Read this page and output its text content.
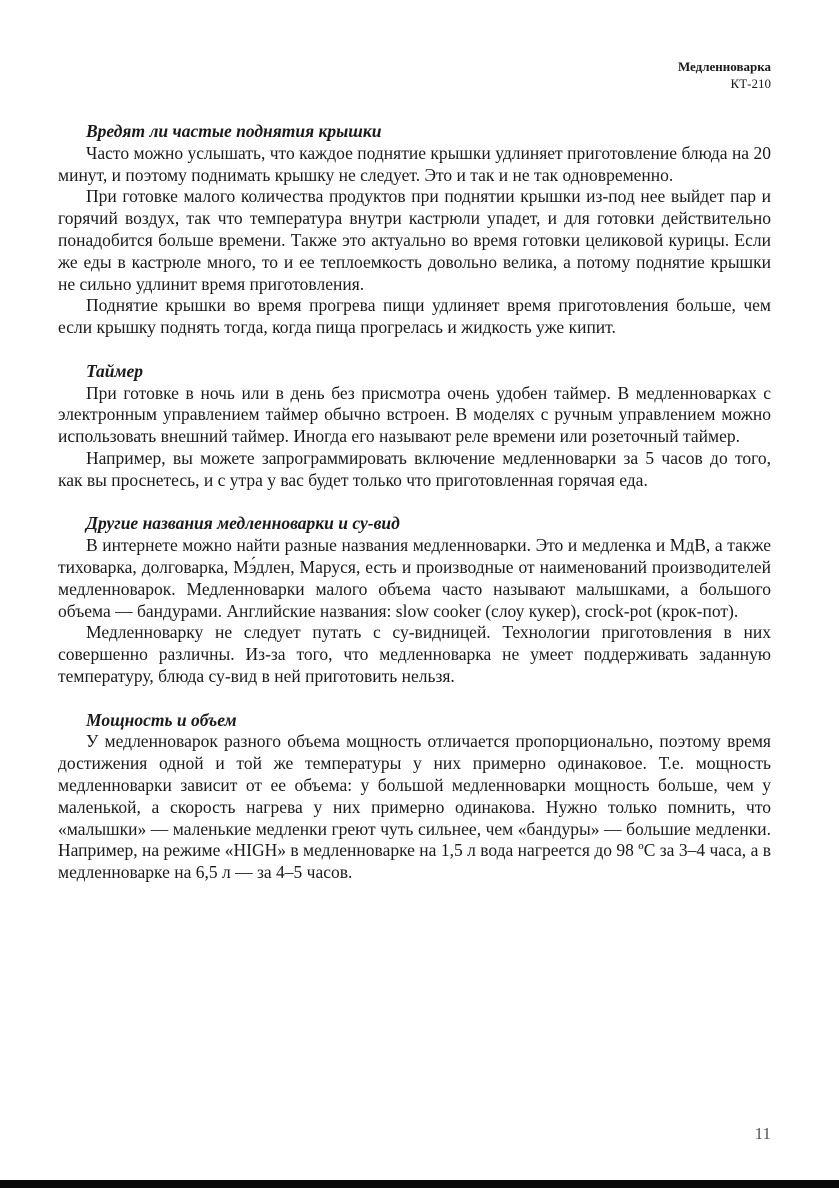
Медленноварка
КТ-210

Вредят ли частые поднятия крышки

Часто можно услышать, что каждое поднятие крышки удлиняет приготовление блюда на 20 минут, и поэтому поднимать крышку не следует. Это и так и не так одновременно.

При готовке малого количества продуктов при поднятии крышки из-под нее выйдет пар и горячий воздух, так что температура внутри кастрюли упадет, и для готовки действительно понадобится больше времени. Также это актуально во время готовки целиковой курицы. Если же еды в кастрюле много, то и ее теплоемкость довольно велика, а потому поднятие крышки не сильно удлинит время приготовления.

Поднятие крышки во время прогрева пищи удлиняет время приготовления больше, чем если крышку поднять тогда, когда пища прогрелась и жидкость уже кипит.

Таймер

При готовке в ночь или в день без присмотра очень удобен таймер. В медленноварках с электронным управлением таймер обычно встроен. В моделях с ручным управлением можно использовать внешний таймер. Иногда его называют реле времени или розеточный таймер.

Например, вы можете запрограммировать включение медленноварки за 5 часов до того, как вы проснетесь, и с утра у вас будет только что приготовленная горячая еда.

Другие названия медленноварки и су-вид

В интернете можно найти разные названия медленноварки. Это и медленка и МдВ, а также тиховарка, долговарка, Мэ́длен, Маруся, есть и производные от наименований производителей медленноварок. Медленноварки малого объема часто называют малышками, а большого объема — бандурами. Английские названия: slow cooker (слоу кукер), crock-pot (крок-пот).

Медленноварку не следует путать с су-видницей. Технологии приготовления в них совершенно различны. Из-за того, что медленноварка не умеет поддерживать заданную температуру, блюда су-вид в ней приготовить нельзя.

Мощность и объем

У медленноварок разного объема мощность отличается пропорционально, поэтому время достижения одной и той же температуры у них примерно одинаковое. Т.е. мощность медленноварки зависит от ее объема: у большой медленноварки мощность больше, чем у маленькой, а скорость нагрева у них примерно одинакова. Нужно только помнить, что «малышки» — маленькие медленки греют чуть сильнее, чем «бандуры» — большие медленки. Например, на режиме «HIGH» в медленноварке на 1,5 л вода нагреется до 98 ºС за 3–4 часа, а в медленноварке на 6,5 л — за 4–5 часов.

11
